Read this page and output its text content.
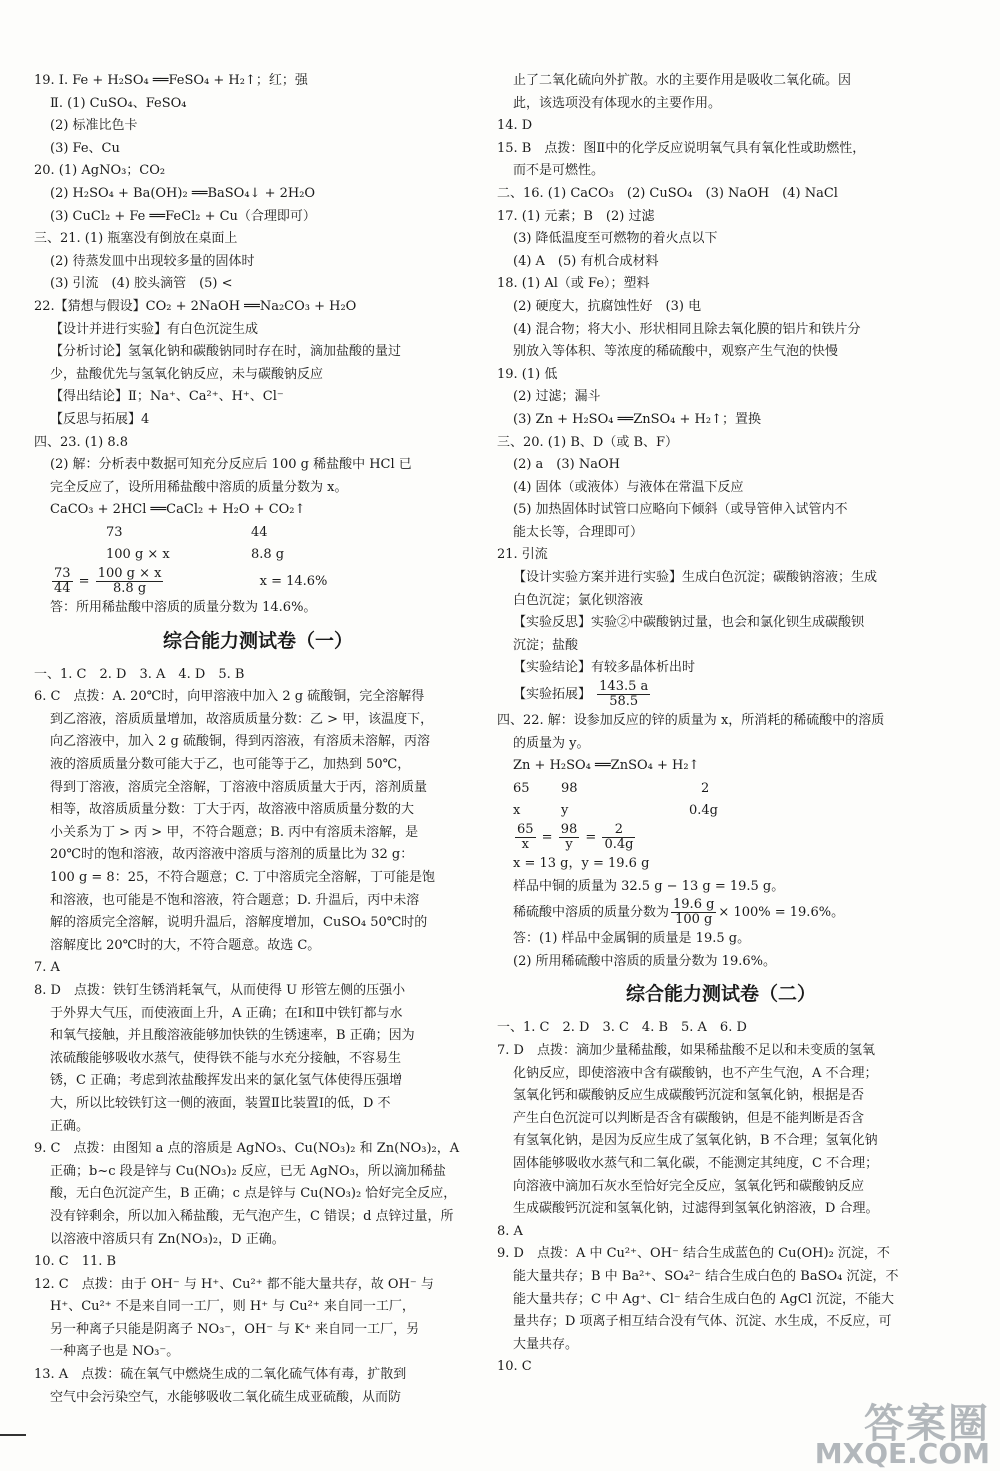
19. Ⅰ. Fe + H₂SO₄ ══FeSO₄ + H₂↑；红；强
Ⅱ. (1) CuSO₄、FeSO₄
(2) 标准比色卡
(3) Fe、Cu
20. (1) AgNO₃；CO₂
(2) H₂SO₄ + Ba(OH)₂ ══BaSO₄↓ + 2H₂O
(3) CuCl₂ + Fe ══FeCl₂ + Cu（合理即可）
三、21. (1) 瓶塞没有倒放在桌面上
(2) 待蒸发皿中出现较多量的固体时
(3) 引流　(4) 胶头滴管　(5) <
22.【猜想与假设】CO₂ + 2NaOH ══Na₂CO₃ + H₂O
【设计并进行实验】有白色沉淀生成
【分析讨论】氢氧化钠和碳酸钠同时存在时，滴加盐酸的量过
少，盐酸优先与氢氧化钠反应，未与碳酸钠反应
【得出结论】Ⅱ；Na⁺、Ca²⁺、H⁺、Cl⁻
【反思与拓展】4
四、23. (1) 8.8
(2) 解：分析表中数据可知充分反应后 100 g 稀盐酸中 HCl 已
完全反应了，设所用稀盐酸中溶质的质量分数为 x。
CaCO₃ + 2HCl ══CaCl₂ + H₂O + CO₂↑
73	44
100 g × x	8.8 g
$\frac{73}{44} = \frac{100 g \times x}{8.8 g}$	x = 14.6%
答：所用稀盐酸中溶质的质量分数为 14.6%。
综合能力测试卷（一）
一、1. C　2. D　3. A　4. D　5. B
6. C　点拨：A. 20℃时，向甲溶液中加入 2 g 硫酸铜，完全溶解得
到乙溶液，溶质质量增加，故溶质质量分数：乙 > 甲，该温度下，
向乙溶液中，加入 2 g 硫酸铜，得到丙溶液，有溶质未溶解，丙溶
液的溶质质量分数可能大于乙，也可能等于乙，加热到 50℃，
得到丁溶液，溶质完全溶解，丁溶液中溶质质量大于丙，溶剂质量
相等，故溶质质量分数：丁大于丙，故溶液中溶质质量分数的大
小关系为丁 > 丙 > 甲，不符合题意；B. 丙中有溶质未溶解，是
20℃时的饱和溶液，故丙溶液中溶质与溶剂的质量比为 32 g：
100 g = 8：25，不符合题意；C. 丁中溶质完全溶解，丁可能是饱
和溶液，也可能是不饱和溶液，符合题意；D. 升温后，丙中未溶
解的溶质完全溶解，说明升温后，溶解度增加，CuSO₄ 50℃时的
溶解度比 20℃时的大，不符合题意。故选 C。
7. A
8. D　点拨：铁钉生锈消耗氧气，从而使得 U 形管左侧的压强小
于外界大气压，而使液面上升，A 正确；在Ⅰ和Ⅱ中铁钉都与水
和氧气接触，并且酸溶液能够加快铁的生锈速率，B 正确；因为
浓硫酸能够吸收水蒸气，使得铁不能与水充分接触，不容易生
锈，C 正确；考虑到浓盐酸挥发出来的氯化氢气体使得压强增
大，所以比较铁钉这一侧的液面，装置Ⅱ比装置Ⅰ的低，D 不
正确。
9. C　点拨：由图知 a 点的溶质是 AgNO₃、Cu(NO₃)₂ 和 Zn(NO₃)₂，A
正确；b~c 段是锌与 Cu(NO₃)₂ 反应，已无 AgNO₃，所以滴加稀盐
酸，无白色沉淀产生，B 正确；c 点是锌与 Cu(NO₃)₂ 恰好完全反应，
没有锌剩余，所以加入稀盐酸，无气泡产生，C 错误；d 点锌过量，所
以溶液中溶质只有 Zn(NO₃)₂，D 正确。
10. C　11. B
12. C　点拨：由于 OH⁻ 与 H⁺、Cu²⁺ 都不能大量共存，故 OH⁻ 与
H⁺、Cu²⁺ 不是来自同一工厂，则 H⁺ 与 Cu²⁺ 来自同一工厂，
另一种离子只能是阴离子 NO₃⁻，OH⁻ 与 K⁺ 来自同一工厂，另
一种离子也是 NO₃⁻。
13. A　点拨：硫在氧气中燃烧生成的二氧化硫气体有毒，扩散到
空气中会污染空气，水能够吸收二氧化硫生成亚硫酸，从而防
止了二氧化硫向外扩散。水的主要作用是吸收二氧化硫。因
此，该选项没有体现水的主要作用。
14. D
15. B　点拨：图Ⅱ中的化学反应说明氧气具有氧化性或助燃性，
而不是可燃性。
二、16. (1) CaCO₃　(2) CuSO₄　(3) NaOH　(4) NaCl
17. (1) 元素；B　(2) 过滤
(3) 降低温度至可燃物的着火点以下
(4) A　(5) 有机合成材料
18. (1) Al（或 Fe）；塑料
(2) 硬度大，抗腐蚀性好　(3) 电
(4) 混合物；将大小、形状相同且除去氧化膜的铝片和铁片分
别放入等体积、等浓度的稀硫酸中，观察产生气泡的快慢
19. (1) 低
(2) 过滤；漏斗
(3) Zn + H₂SO₄ ══ZnSO₄ + H₂↑；置换
三、20. (1) B、D（或 B、F）
(2) a　(3) NaOH
(4) 固体（或液体）与液体在常温下反应
(5) 加热固体时试管口应略向下倾斜（或导管伸入试管内不
能太长等，合理即可）
21. 引流
【设计实验方案并进行实验】生成白色沉淀；碳酸钠溶液；生成
白色沉淀；氯化钡溶液
【实验反思】实验②中碳酸钠过量，也会和氯化钡生成碳酸钡
沉淀；盐酸
【实验结论】有较多晶体析出时
【实验拓展】 $\frac{143.5 a}{58.5}$
四、22. 解：设参加反应的锌的质量为 x，所消耗的稀硫酸中的溶质
的质量为 y。
Zn + H₂SO₄ ══ZnSO₄ + H₂↑
65 98	2
x	y	0.4g
$\frac{65}{x} = \frac{98}{y} = \frac{2}{0.4g}$
x = 13 g，y = 19.6 g
样品中铜的质量为 32.5 g − 13 g = 19.5 g。
稀硫酸中溶质的质量分数为 $\frac{19.6 g}{100 g} \times 100\% = 19.6\%$。
答：(1) 样品中金属铜的质量是 19.5 g。
(2) 所用稀硫酸中溶质的质量分数为 19.6%。
综合能力测试卷（二）
一、1. C　2. D　3. C　4. B　5. A　6. D
7. D　点拨：滴加少量稀盐酸，如果稀盐酸不足以和未变质的氢氧
化钠反应，即使溶液中含有碳酸钠，也不产生气泡，A 不合理；
氢氧化钙和碳酸钠反应生成碳酸钙沉淀和氢氧化钠，根据是否
产生白色沉淀可以判断是否含有碳酸钠，但是不能判断是否含
有氢氧化钠，是因为反应生成了氢氧化钠，B 不合理；氢氧化钠
固体能够吸收水蒸气和二氧化碳，不能测定其纯度，C 不合理；
向溶液中滴加石灰水至恰好完全反应，氢氧化钙和碳酸钠反应
生成碳酸钙沉淀和氢氧化钠，过滤得到氢氧化钠溶液，D 合理。
8. A
9. D　点拨：A 中 Cu²⁺、OH⁻ 结合生成蓝色的 Cu(OH)₂ 沉淀，不
能大量共存；B 中 Ba²⁺、SO₄²⁻ 结合生成白色的 BaSO₄ 沉淀，不
能大量共存；C 中 Ag⁺、Cl⁻ 结合生成白色的 AgCl 沉淀，不能大
量共存；D 项离子相互结合没有气体、沉淀、水生成，不反应，可
大量共存。
10. C
答案圈
MXQE.COM
